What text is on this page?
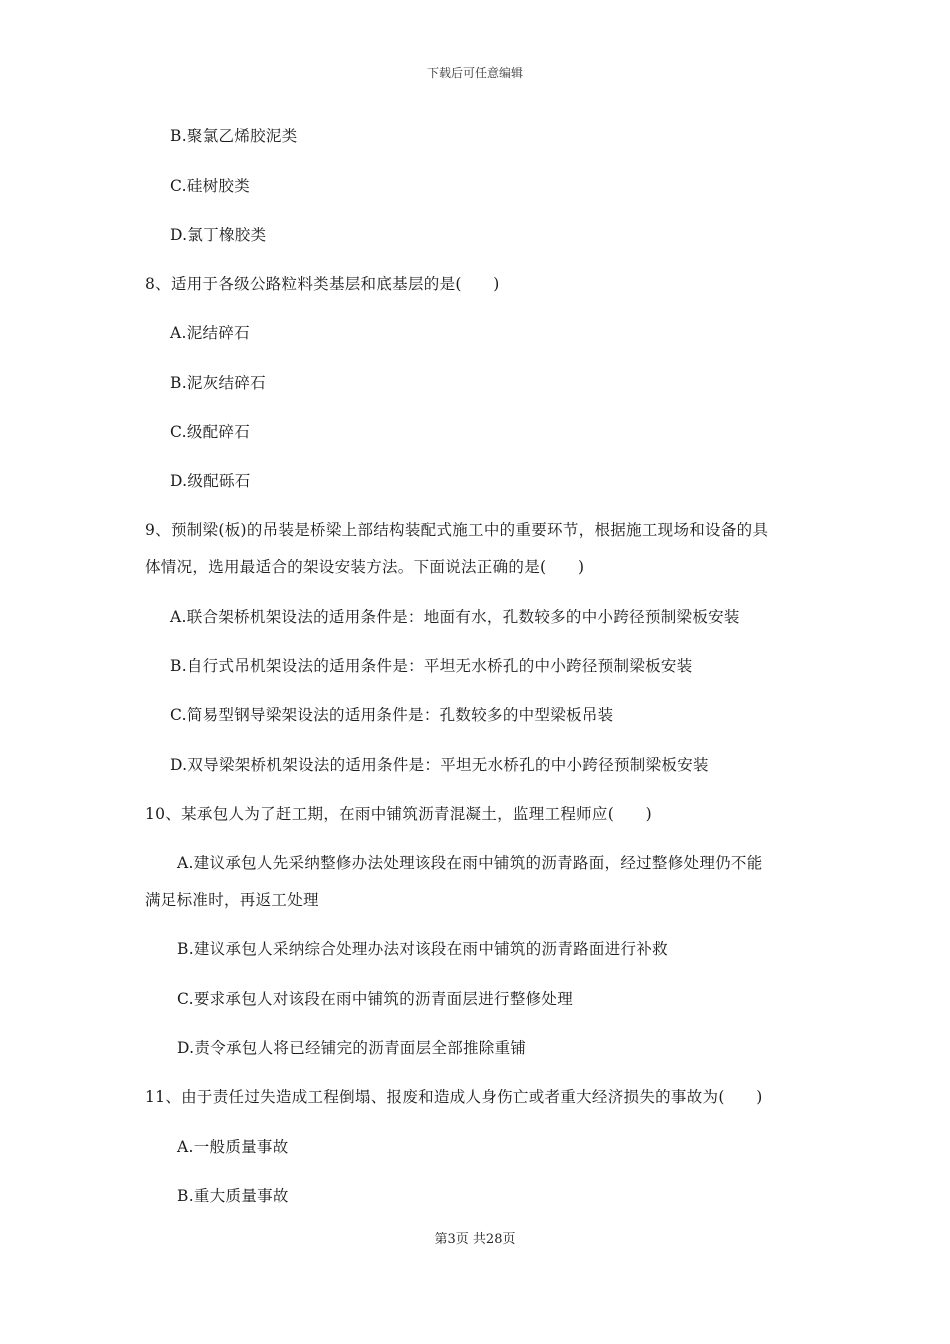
下载后可任意编辑
B.聚氯乙烯胶泥类
C.硅树胶类
D.氯丁橡胶类
8、适用于各级公路粒料类基层和底基层的是(　　)
A.泥结碎石
B.泥灰结碎石
C.级配碎石
D.级配砾石
9、预制梁(板)的吊装是桥梁上部结构装配式施工中的重要环节，根据施工现场和设备的具
体情况，选用最适合的架设安装方法。下面说法正确的是(　　)
A.联合架桥机架设法的适用条件是：地面有水，孔数较多的中小跨径预制梁板安装
B.自行式吊机架设法的适用条件是：平坦无水桥孔的中小跨径预制梁板安装
C.简易型钢导梁架设法的适用条件是：孔数较多的中型梁板吊装
D.双导梁架桥机架设法的适用条件是：平坦无水桥孔的中小跨径预制梁板安装
10、某承包人为了赶工期，在雨中铺筑沥青混凝土，监理工程师应(　　)
A.建议承包人先采纳整修办法处理该段在雨中铺筑的沥青路面，经过整修处理仍不能
满足标准时，再返工处理
B.建议承包人采纳综合处理办法对该段在雨中铺筑的沥青路面进行补救
C.要求承包人对该段在雨中铺筑的沥青面层进行整修处理
D.责令承包人将已经铺完的沥青面层全部推除重铺
11、由于责任过失造成工程倒塌、报废和造成人身伤亡或者重大经济损失的事故为(　　)
A.一般质量事故
B.重大质量事故
第3页 共28页
